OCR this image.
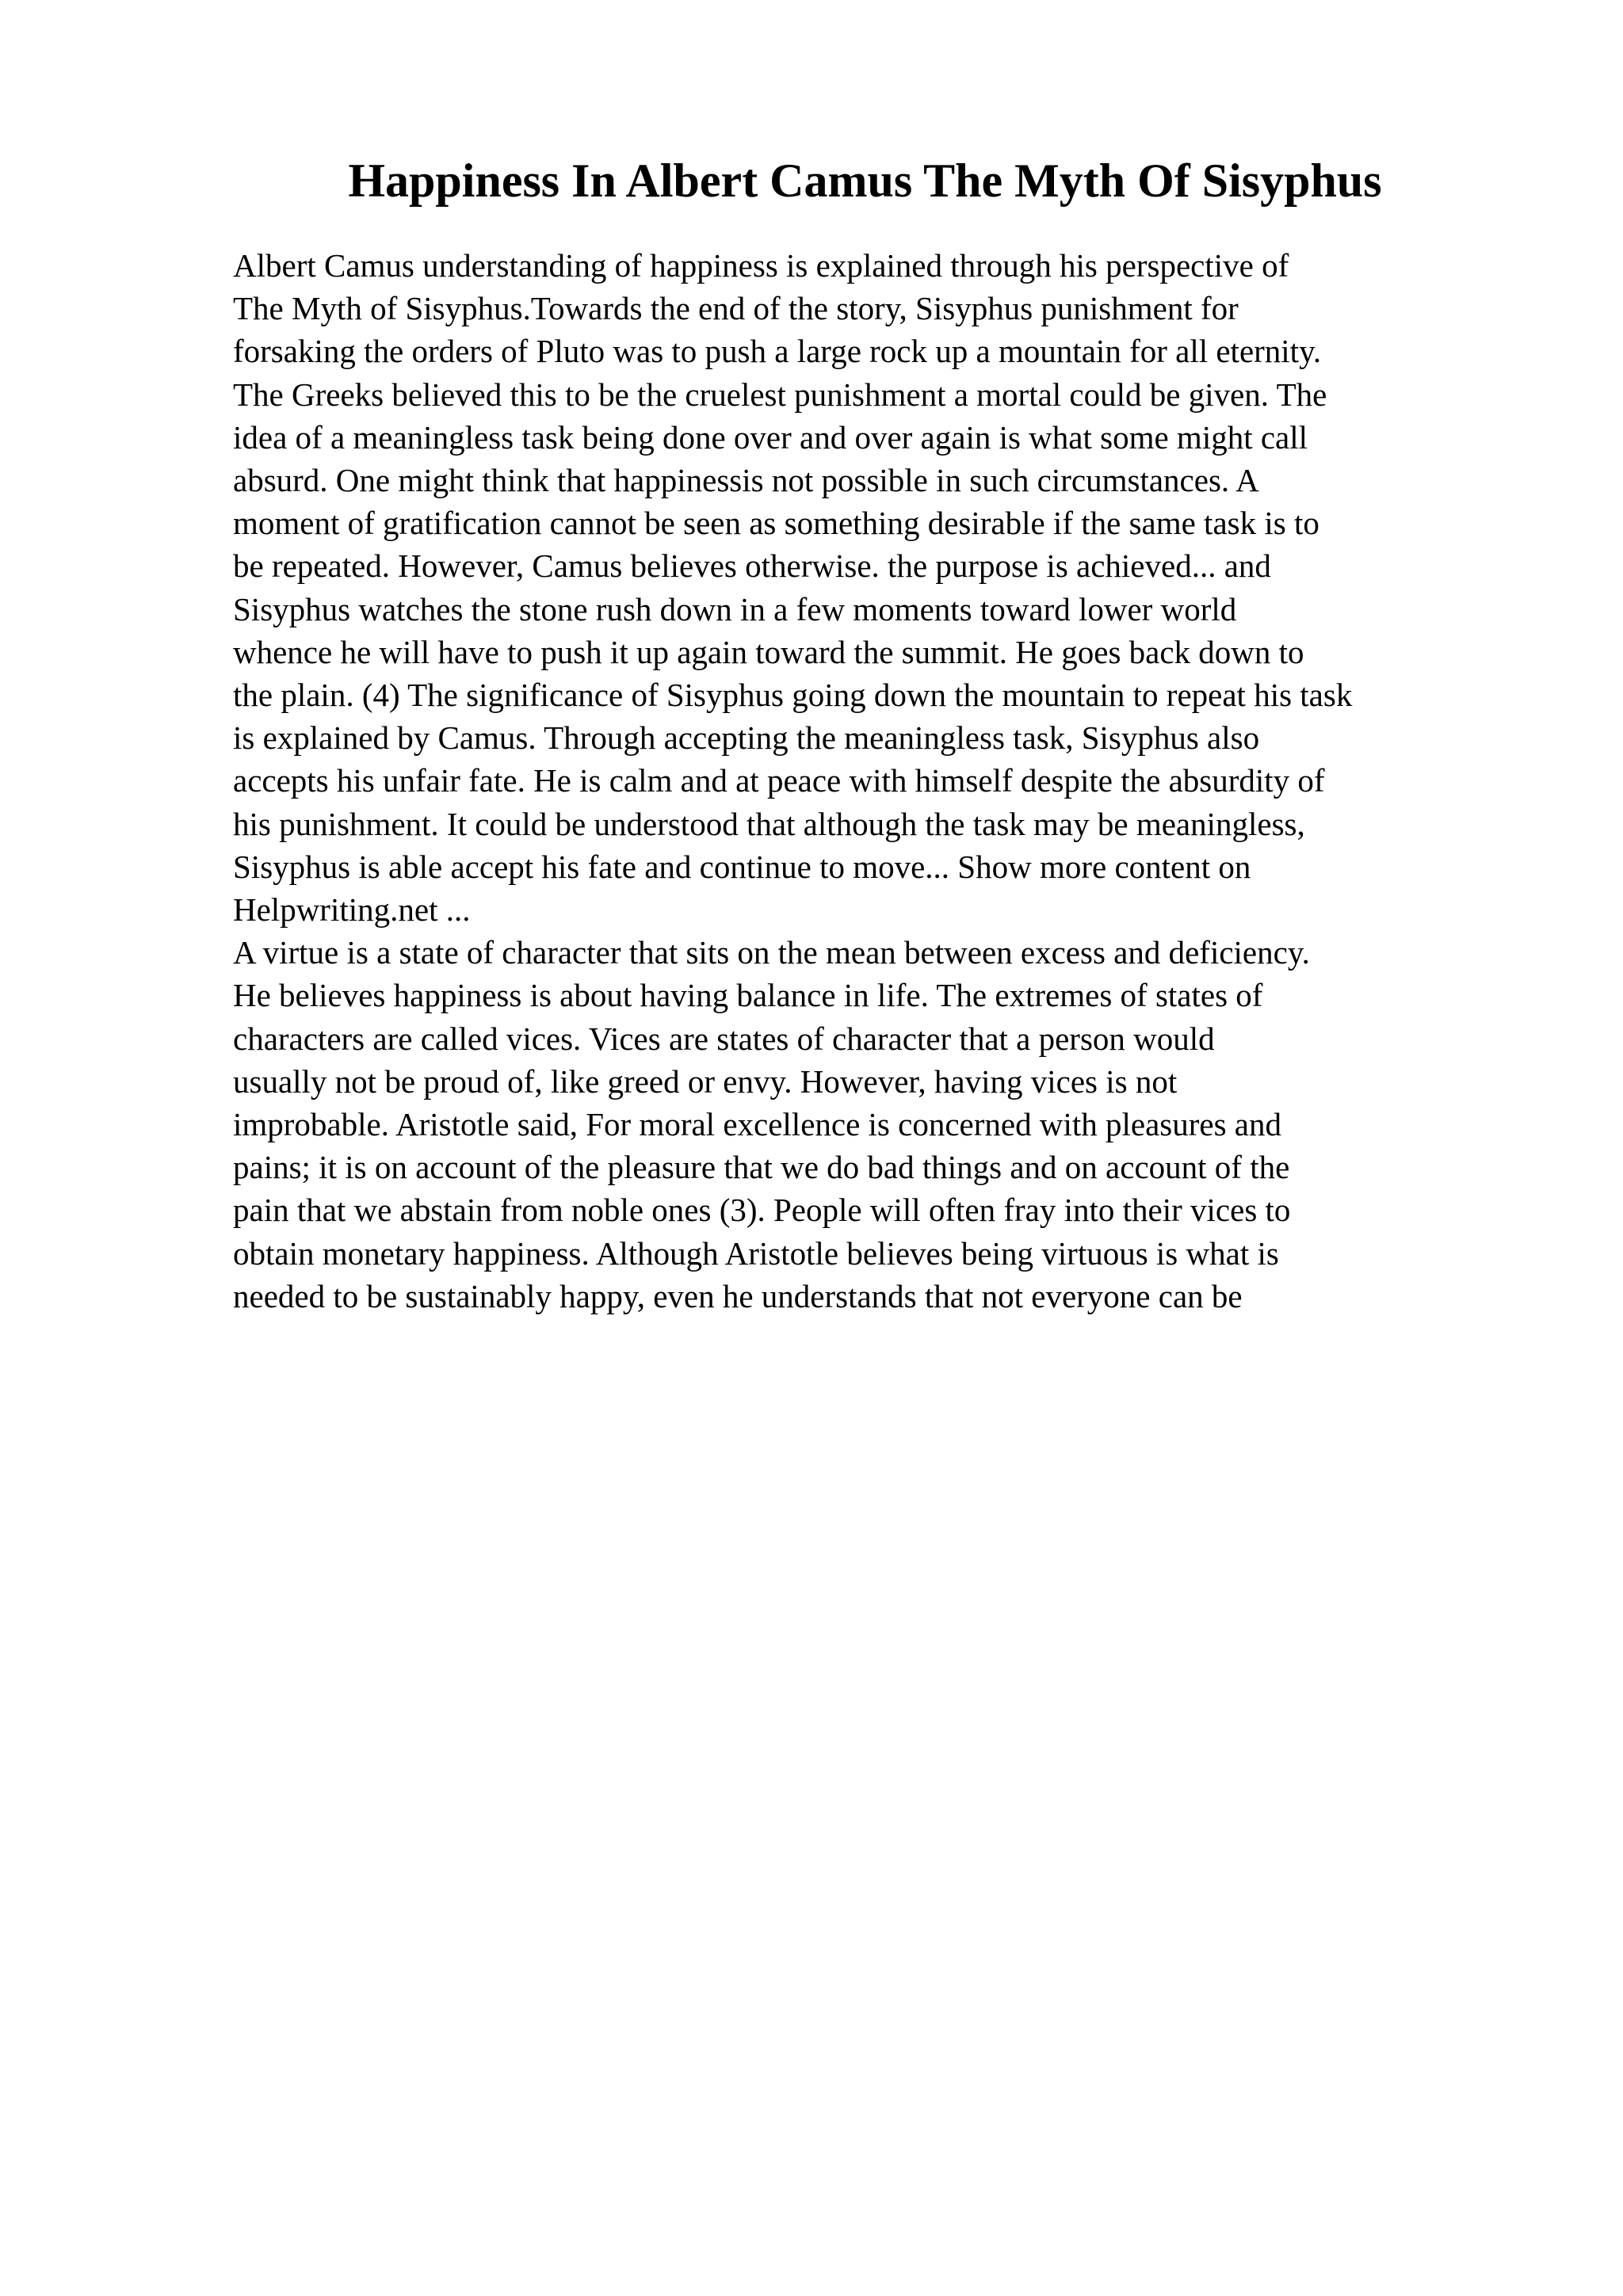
Happiness In Albert Camus The Myth Of Sisyphus
Albert Camus understanding of happiness is explained through his perspective of
The Myth of Sisyphus.Towards the end of the story, Sisyphus punishment for
forsaking the orders of Pluto was to push a large rock up a mountain for all eternity.
The Greeks believed this to be the cruelest punishment a mortal could be given. The
idea of a meaningless task being done over and over again is what some might call
absurd. One might think that happinessis not possible in such circumstances. A
moment of gratification cannot be seen as something desirable if the same task is to
be repeated. However, Camus believes otherwise. the purpose is achieved... and
Sisyphus watches the stone rush down in a few moments toward lower world
whence he will have to push it up again toward the summit. He goes back down to
the plain. (4) The significance of Sisyphus going down the mountain to repeat his task
is explained by Camus. Through accepting the meaningless task, Sisyphus also
accepts his unfair fate. He is calm and at peace with himself despite the absurdity of
his punishment. It could be understood that although the task may be meaningless,
Sisyphus is able accept his fate and continue to move... Show more content on
Helpwriting.net ...
A virtue is a state of character that sits on the mean between excess and deficiency.
He believes happiness is about having balance in life. The extremes of states of
characters are called vices. Vices are states of character that a person would
usually not be proud of, like greed or envy. However, having vices is not
improbable. Aristotle said, For moral excellence is concerned with pleasures and
pains; it is on account of the pleasure that we do bad things and on account of the
pain that we abstain from noble ones (3). People will often fray into their vices to
obtain monetary happiness. Although Aristotle believes being virtuous is what is
needed to be sustainably happy, even he understands that not everyone can be
